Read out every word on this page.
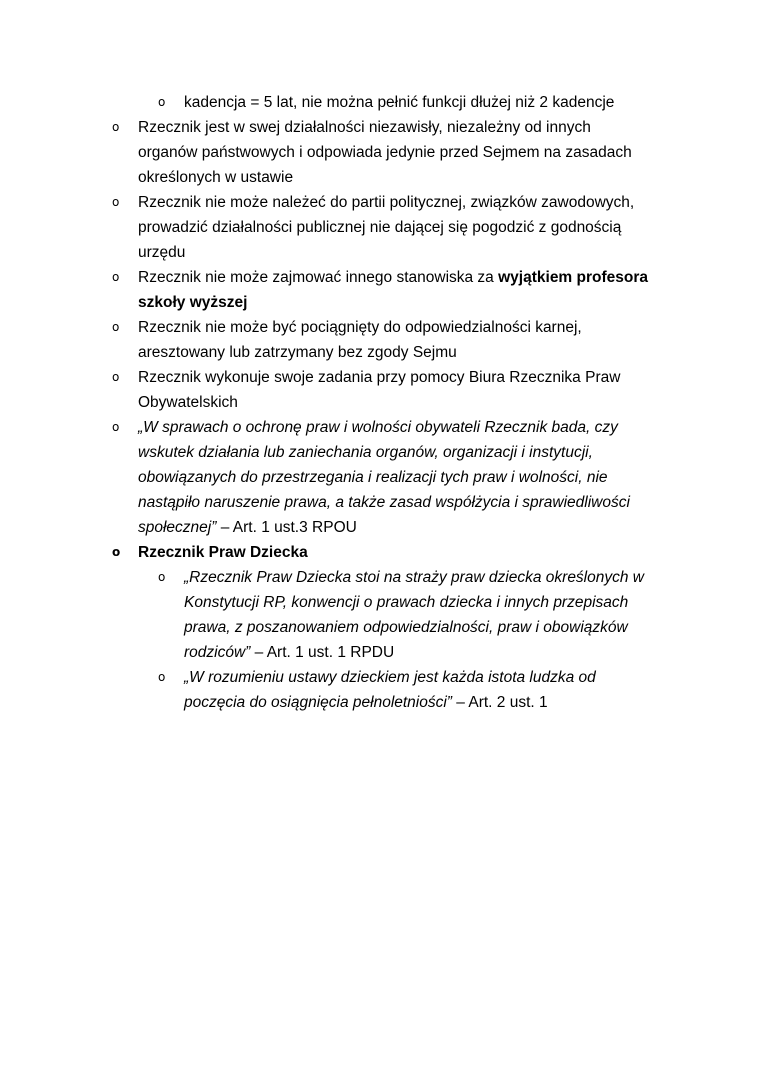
o kadencja = 5 lat, nie można pełnić funkcji dłużej niż 2 kadencje
o Rzecznik jest w swej działalności niezawisły, niezależny od innych
organów państwowych i odpowiada jedynie przed Sejmem na zasadach
określonych w ustawie
o Rzecznik nie może należeć do partii politycznej, związków zawodowych,
prowadzić działalności publicznej nie dającej się pogodzić z godnością
urzędu
o Rzecznik nie może zajmować innego stanowiska za wyjątkiem profesora
szkoły wyższej
o Rzecznik nie może być pociągnięty do odpowiedzialności karnej,
aresztowany lub zatrzymany bez zgody Sejmu
o Rzecznik wykonuje swoje zadania przy pomocy Biura Rzecznika Praw
Obywatelskich
o „W sprawach o ochronę praw i wolności obywateli Rzecznik bada, czy
wskutek działania lub zaniechania organów, organizacji i instytucji,
obowiązanych do przestrzegania i realizacji tych praw i wolności, nie
nastąpiło naruszenie prawa, a także zasad współżycia i sprawiedliwości
społecznej” – Art. 1 ust.3 RPOU
o Rzecznik Praw Dziecka
o „Rzecznik Praw Dziecka stoi na straży praw dziecka określonych w
Konstytucji RP, konwencji o prawach dziecka i innych przepisach
prawa, z poszanowaniem odpowiedzialności, praw i obowiązków
rodziców” – Art. 1 ust. 1 RPDU
o „W rozumieniu ustawy dzieckiem jest każda istota ludzka od
poczęcia do osiągnięcia pełnoletniości” – Art. 2 ust. 1
